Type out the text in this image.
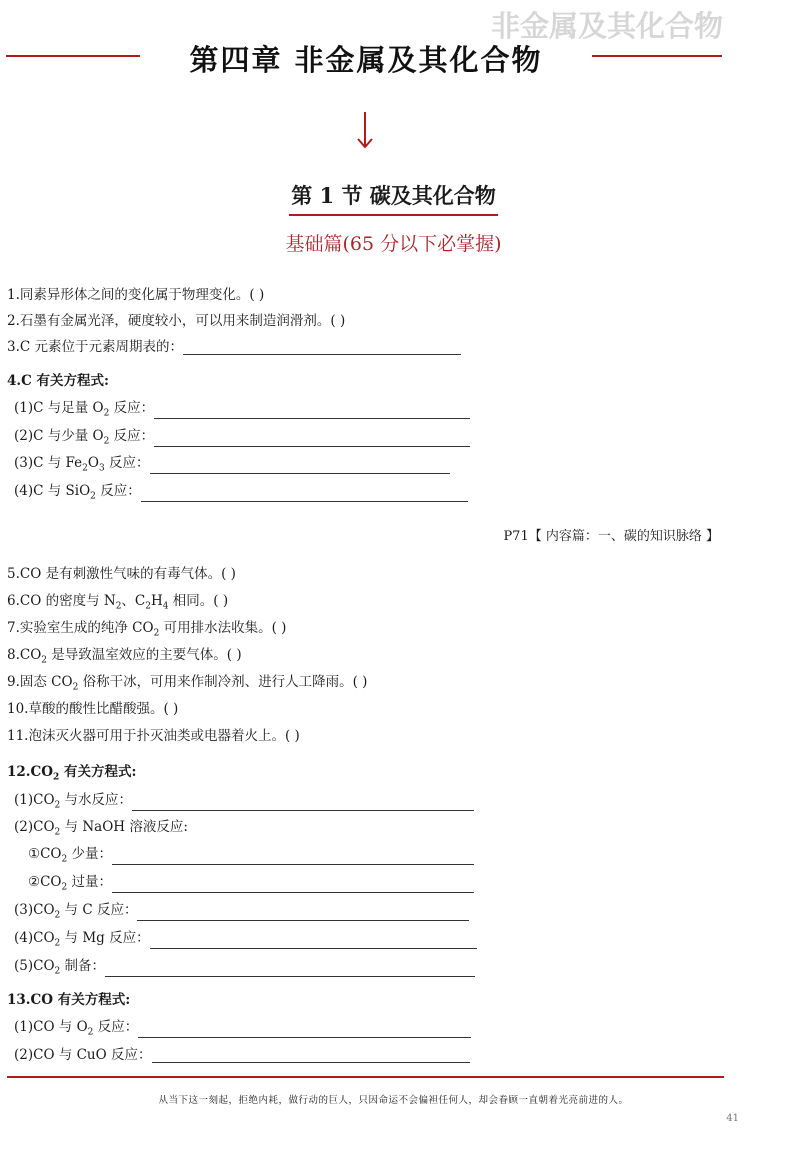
非金属及其化合物
第四章 非金属及其化合物
第 1 节 碳及其化合物
基础篇(65 分以下必掌握)
1.同素异形体之间的变化属于物理变化。( )
2.石墨有金属光泽，硬度较小，可以用来制造润滑剂。( )
3.C 元素位于元素周期表的：
4.C 有关方程式:
(1)C 与足量 $O_2$ 反应：
(2)C 与少量 $O_2$ 反应：
(3)C 与 $Fe_2O_3$ 反应：
(4)C 与 SiO$_2$ 反应：
P71【 内容篇：一、碳的知识脉络 】
5.CO 是有刺激性气味的有毒气体。( )
6.CO 的密度与 $N_2$、$C_2H_4$ 相同。( )
7.实验室生成的纯净 $CO_2$ 可用排水法收集。( )
$8.CO_2$ 是导致温室效应的主要气体。( )
9.固态 $CO_2$ 俗称干冰，可用来作制冷剂、进行人工降雨。( )
10.草酸的酸性比醋酸强。( )
11.泡沫灭火器可用于扑灭油类或电器着火上。( )
$12.CO_2$ 有关方程式:
$(1)CO_2$ 与水反应：
$(2)CO_2$ 与 NaOH 溶液反应:
$①CO_2$ 少量：
$②CO_2$ 过量：
$(3)CO_2$ 与 C 反应：
$(4)CO_2$ 与 Mg 反应：
$(5)CO_2$ 制备：
13.CO 有关方程式:
(1)CO 与 $O_2$ 反应：
(2)CO 与 CuO 反应：
从当下这一刻起，拒绝内耗，做行动的巨人，只因命运不会偏袒任何人，却会眷顾一直朝着光亮前进的人。
41
